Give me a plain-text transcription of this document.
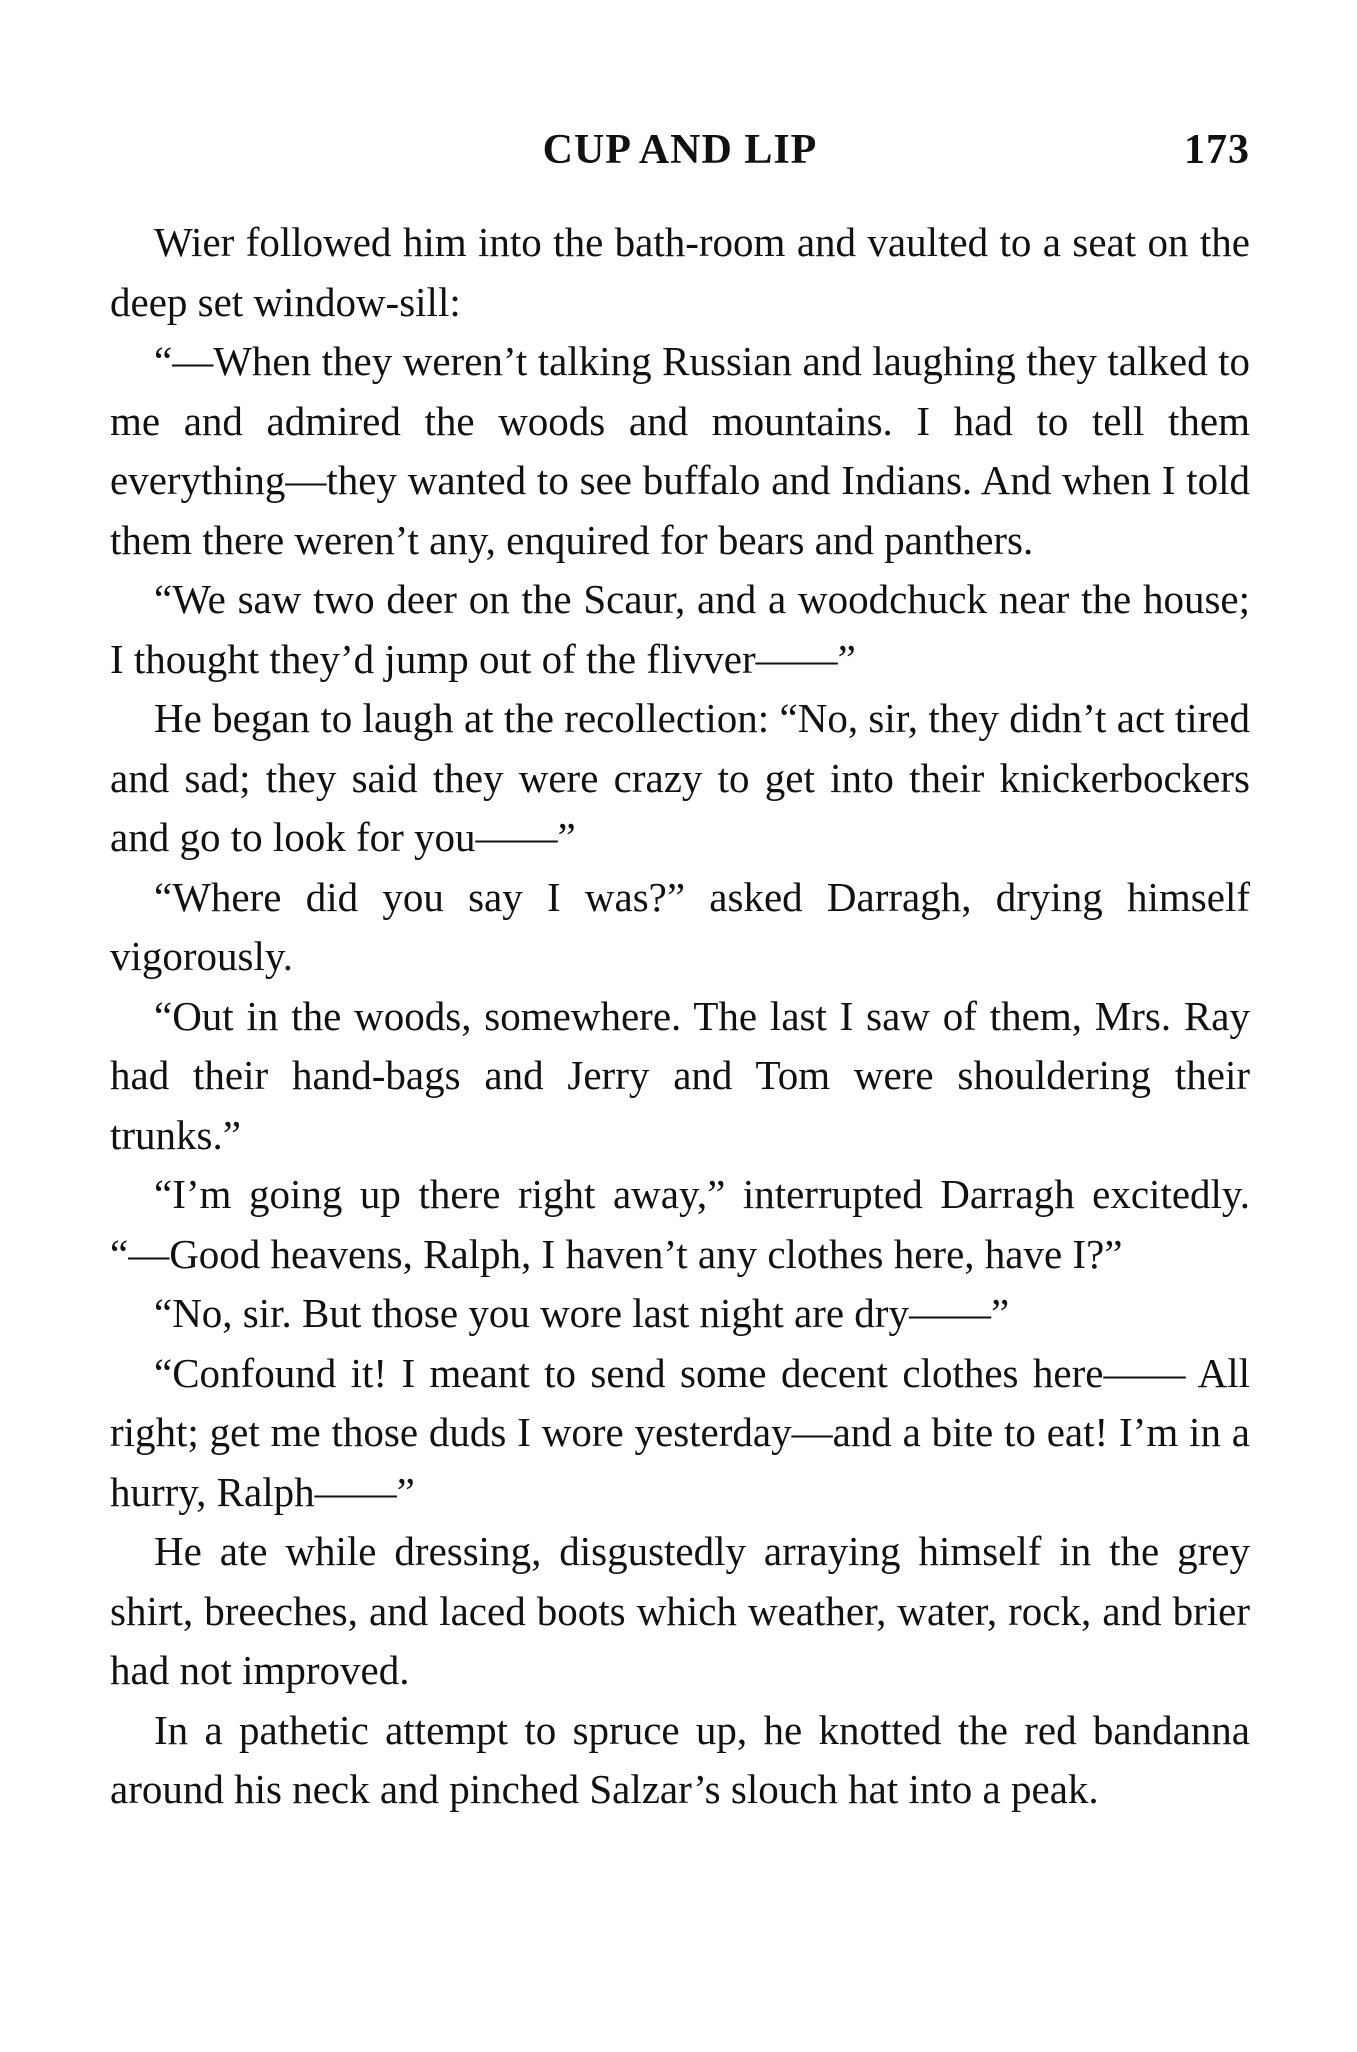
CUP AND LIP	173

Wier followed him into the bath-room and vaulted to a seat on the deep set window-sill:

“—When they weren’t talking Russian and laughing they talked to me and admired the woods and mountains. I had to tell them everything—they wanted to see buffalo and Indians. And when I told them there weren’t any, enquired for bears and panthers.

“We saw two deer on the Scaur, and a woodchuck near the house; I thought they’d jump out of the flivver——”

He began to laugh at the recollection: “No, sir, they didn’t act tired and sad; they said they were crazy to get into their knickerbockers and go to look for you——”

“Where did you say I was?” asked Darragh, drying himself vigorously.

“Out in the woods, somewhere. The last I saw of them, Mrs. Ray had their hand-bags and Jerry and Tom were shouldering their trunks.”

“I’m going up there right away,” interrupted Darragh excitedly. “—Good heavens, Ralph, I haven’t any clothes here, have I?”

“No, sir. But those you wore last night are dry——”

“Confound it! I meant to send some decent clothes here—— All right; get me those duds I wore yesterday—and a bite to eat! I’m in a hurry, Ralph——”

He ate while dressing, disgustedly arraying himself in the grey shirt, breeches, and laced boots which weather, water, rock, and brier had not improved.

In a pathetic attempt to spruce up, he knotted the red bandanna around his neck and pinched Salzar’s slouch hat into a peak.
